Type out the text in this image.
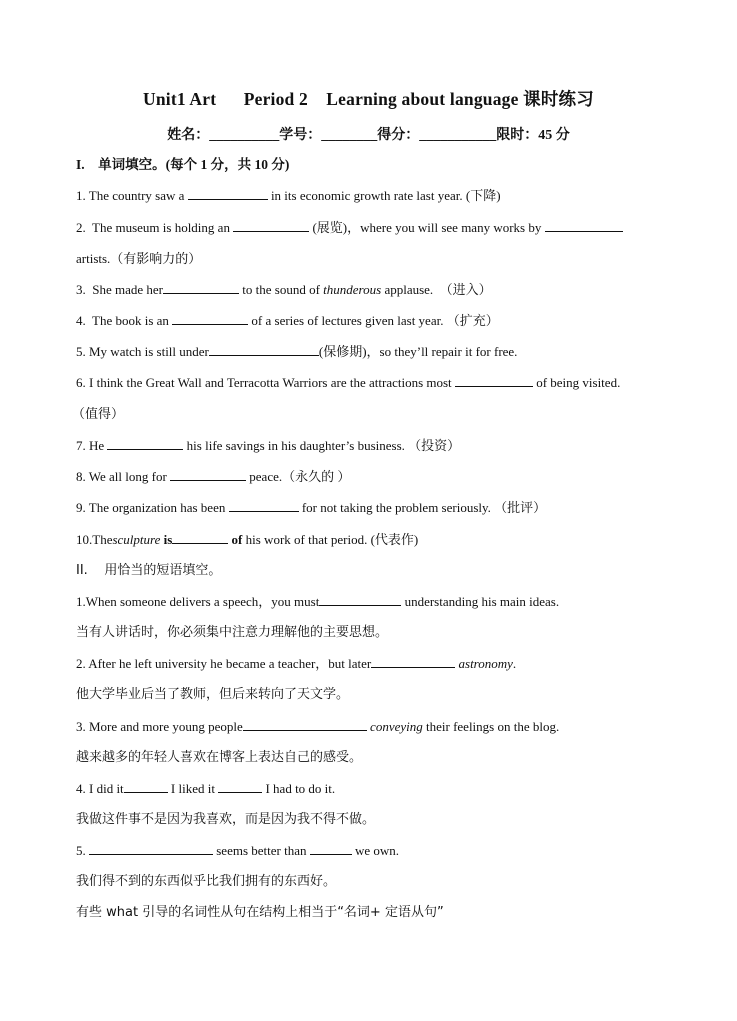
Unit1 Art      Period 2    Learning about language 课时练习
姓名：__________学号：________得分：___________限时：45 分
I.    单词填空。(每个 1 分，共 10 分)
1. The country saw a	in its economic growth rate last year. (下降)
2.  The museum is holding an	(展览)，where you will see many works by
artists.（有影响力的）
3.  She made her	to the sound of thunderous applause.  （进入）
4.  The book is an	of a series of lectures given last year. （扩充）
5. My watch is still under	(保修期)，so they’ll repair it for free.
6. I think the Great Wall and Terracotta Warriors are the attractions most	of being visited.
（值得）
7. He	his life savings in his daughter’s business. （投资）
8. We all long for	peace.（永久的 ）
9. The organization has been	for not taking the problem seriously. （批评）
10.Thesculpture is	of his work of that period. (代表作)
II.    用恰当的短语填空。
1.When someone delivers a speech，you must	understanding his main ideas.
当有人讲话时，你必须集中注意力理解他的主要思想。
2. After he left university he became a teacher，but later	astronomy.
他大学毕业后当了教师，但后来转向了天文学。
3. More and more young people	conveying their feelings on the blog.
越来越多的年轻人喜欢在博客上表达自己的感受。
4. I did it	I liked it	I had to do it.
我做这件事不是因为我喜欢，而是因为我不得不做。
5.	seems better than	we own.
我们得不到的东西似乎比我们拥有的东西好。
有些 what 引导的名词性从句在结构上相当于“名词+ 定语从句”
